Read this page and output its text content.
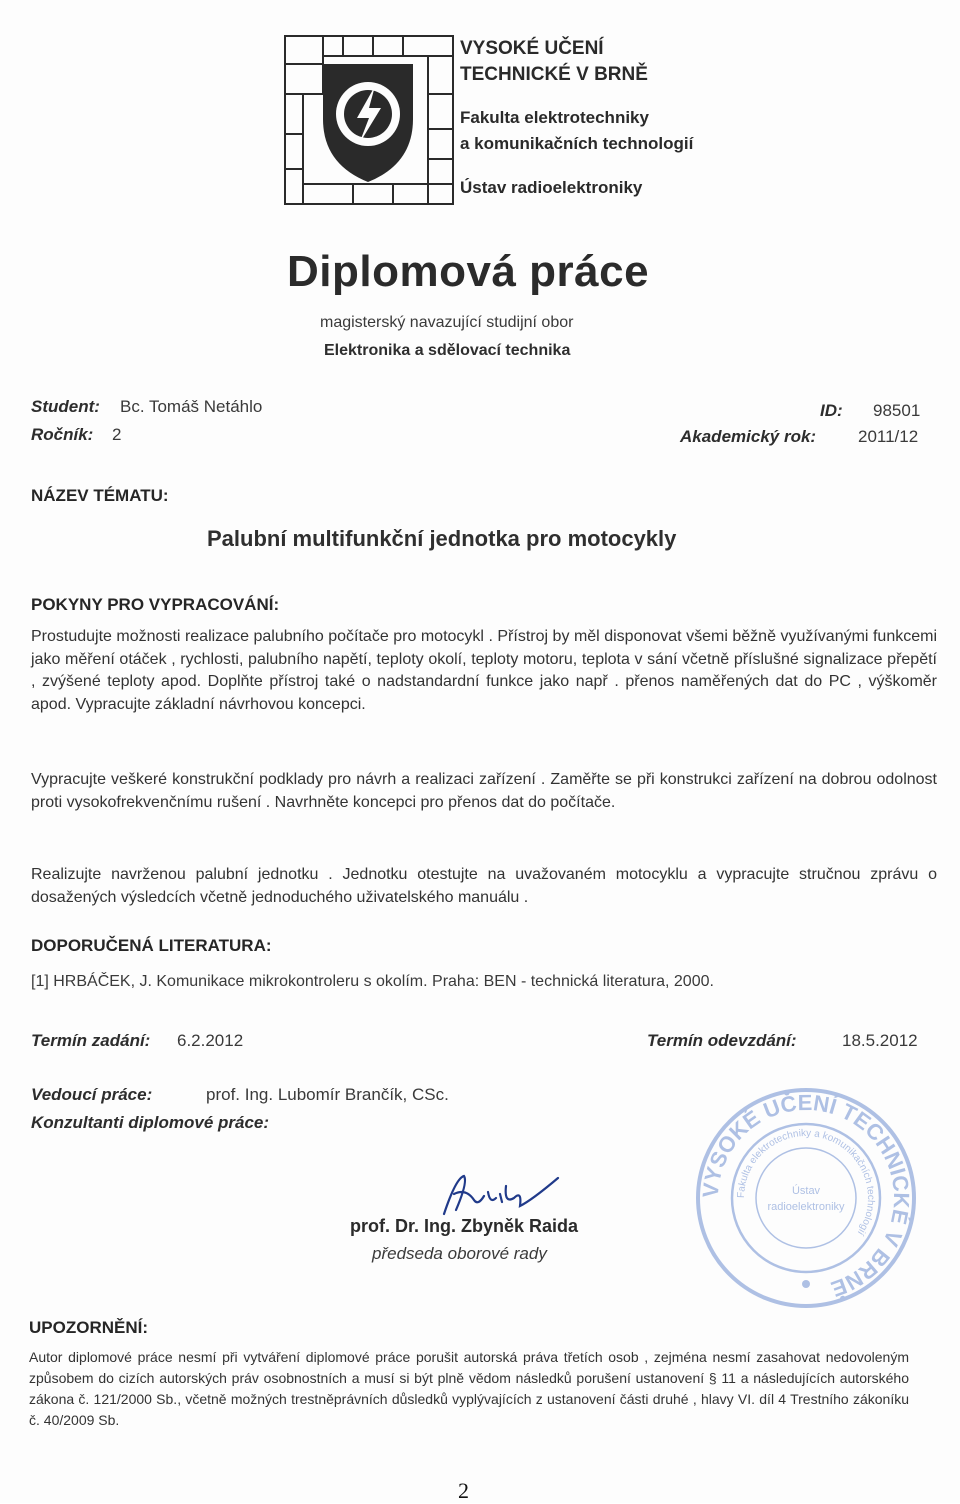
VYSOKÉ UČENÍ
TECHNICKÉ V BRNĚ
Fakulta elektrotechniky
a komunikačních technologií
Ústav radioelektroniky
Diplomová práce
magisterský navazující studijní obor
Elektronika a sdělovací technika
Student: Bc. Tomáš Netáhlo	ID: 98501
Ročník: 2	Akademický rok: 2011/12
NÁZEV TÉMATU:
Palubní multifunkční jednotka pro motocykly
POKYNY PRO VYPRACOVÁNÍ:
Prostudujte možnosti realizace palubního počítače pro motocykl . Přístroj by měl disponovat všemi běžně využívanými funkcemi jako měření otáček , rychlosti, palubního napětí, teploty okolí, teploty motoru, teplota v sání včetně příslušné signalizace přepětí , zvýšené teploty apod. Doplňte přístroj také o nadstandardní funkce jako např . přenos naměřených dat do PC , výškoměr apod. Vypracujte základní návrhovou koncepci.
Vypracujte veškeré konstrukční podklady pro návrh a realizaci zařízení . Zaměřte se při konstrukci zařízení na dobrou odolnost proti vysokofrekvenčnímu rušení . Navrhněte koncepci pro přenos dat do počítače.
Realizujte navrženou palubní jednotku . Jednotku otestujte na uvažovaném motocyklu a vypracujte stručnou zprávu o dosažených výsledcích včetně jednoduchého uživatelského manuálu .
DOPORUČENÁ LITERATURA:
[1] HRBÁČEK, J. Komunikace mikrokontroleru s okolím. Praha: BEN - technická literatura, 2000.
Termín zadání: 6.2.2012	Termín odevzdání:	18.5.2012
Vedoucí práce:	prof. Ing. Lubomír Brančík, CSc.
Konzultanti diplomové práce:
prof. Dr. Ing. Zbyněk Raida
předseda oborové rady
VYSOKÉ UČENÍ TECHNICKÉ V BRNĚ
Fakulta elektrotechniky a komunikačních technologií
Ústav
radioelektroniky
UPOZORNĚNÍ:
Autor diplomové práce nesmí při vytváření diplomové práce porušit autorská práva třetích osob , zejména nesmí zasahovat nedovoleným způsobem do cizích autorských práv osobnostních a musí si být plně vědom následků porušení ustanovení § 11 a následujících autorského zákona č. 121/2000 Sb., včetně možných trestněprávních důsledků vyplývajících z ustanovení části druhé , hlavy VI. díl 4 Trestního zákoníku č. 40/2009 Sb.
2
